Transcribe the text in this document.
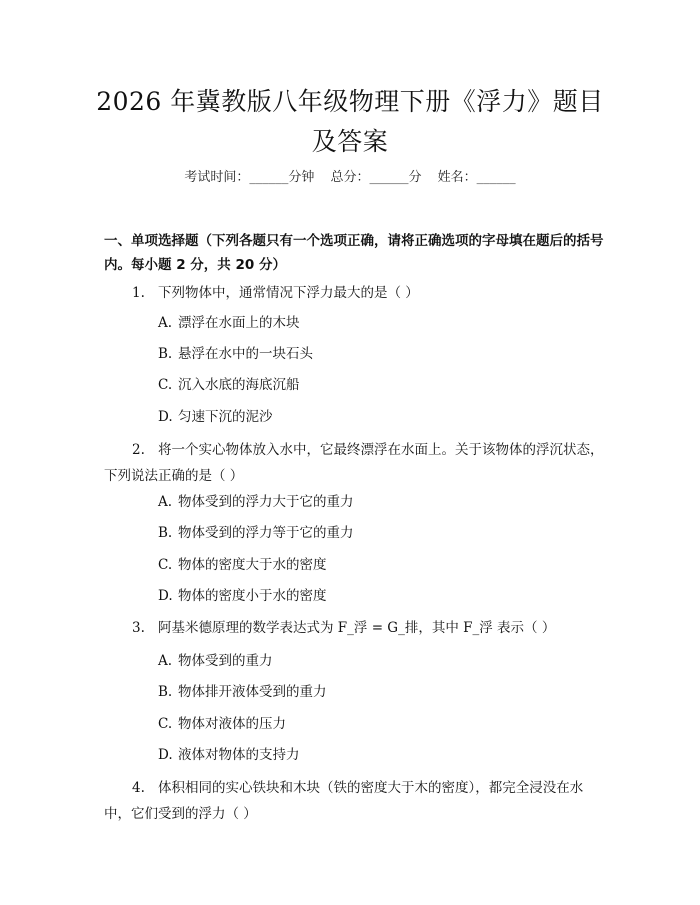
2026 年冀教版八年级物理下册《浮力》题目
及答案
考试时间：______分钟 总分：______分 姓名：______
一、单项选择题（下列各题只有一个选项正确，请将正确选项的字母填在题后的括号内。每小题 2 分，共 20 分）
1. 下列物体中，通常情况下浮力最大的是（ ）
A. 漂浮在水面上的木块
B. 悬浮在水中的一块石头
C. 沉入水底的海底沉船
D. 匀速下沉的泥沙
2. 将一个实心物体放入水中，它最终漂浮在水面上。关于该物体的浮沉状态，下列说法正确的是（ ）
A. 物体受到的浮力大于它的重力
B. 物体受到的浮力等于它的重力
C. 物体的密度大于水的密度
D. 物体的密度小于水的密度
3. 阿基米德原理的数学表达式为 F_浮 = G_排，其中 F_浮 表示（ ）
A. 物体受到的重力
B. 物体排开液体受到的重力
C. 物体对液体的压力
D. 液体对物体的支持力
4. 体积相同的实心铁块和木块（铁的密度大于木的密度），都完全浸没在水中，它们受到的浮力（ ）
